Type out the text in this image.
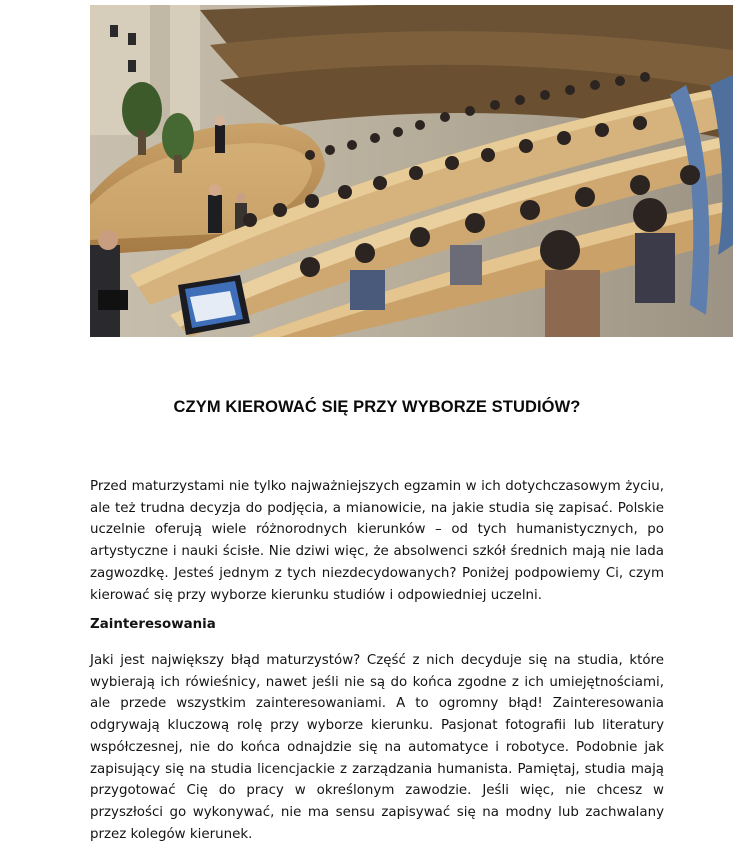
CZYM KIEROWAĆ SIĘ PRZY WYBORZE STUDIÓW?
Przed maturzystami nie tylko najważniejszych egzamin w ich dotychczasowym życiu, ale też trudna decyzja do podjęcia, a mianowicie, na jakie studia się zapisać. Polskie uczelnie oferują wiele różnorodnych kierunków – od tych humanistycznych, po artystyczne i nauki ścisłe. Nie dziwi więc, że absolwenci szkół średnich mają nie lada zagwozdkę. Jesteś jednym z tych niezdecydowanych? Poniżej podpowiemy Ci, czym kierować się przy wyborze kierunku studiów i odpowiedniej uczelni.
Zainteresowania
Jaki jest największy błąd maturzystów? Część z nich decyduje się na studia, które wybierają ich rówieśnicy, nawet jeśli nie są do końca zgodne z ich umiejętnościami, ale przede wszystkim zainteresowaniami. A to ogromny błąd! Zainteresowania odgrywają kluczową rolę przy wyborze kierunku. Pasjonat fotografii lub literatury współczesnej, nie do końca odnajdzie się na automatyce i robotyce. Podobnie jak zapisujący się na studia licencjackie z zarządzania humanista. Pamiętaj, studia mają przygotować Cię do pracy w określonym zawodzie. Jeśli więc, nie chcesz w przyszłości go wykonywać, nie ma sensu zapisywać się na modny lub zachwalany przez kolegów kierunek.
